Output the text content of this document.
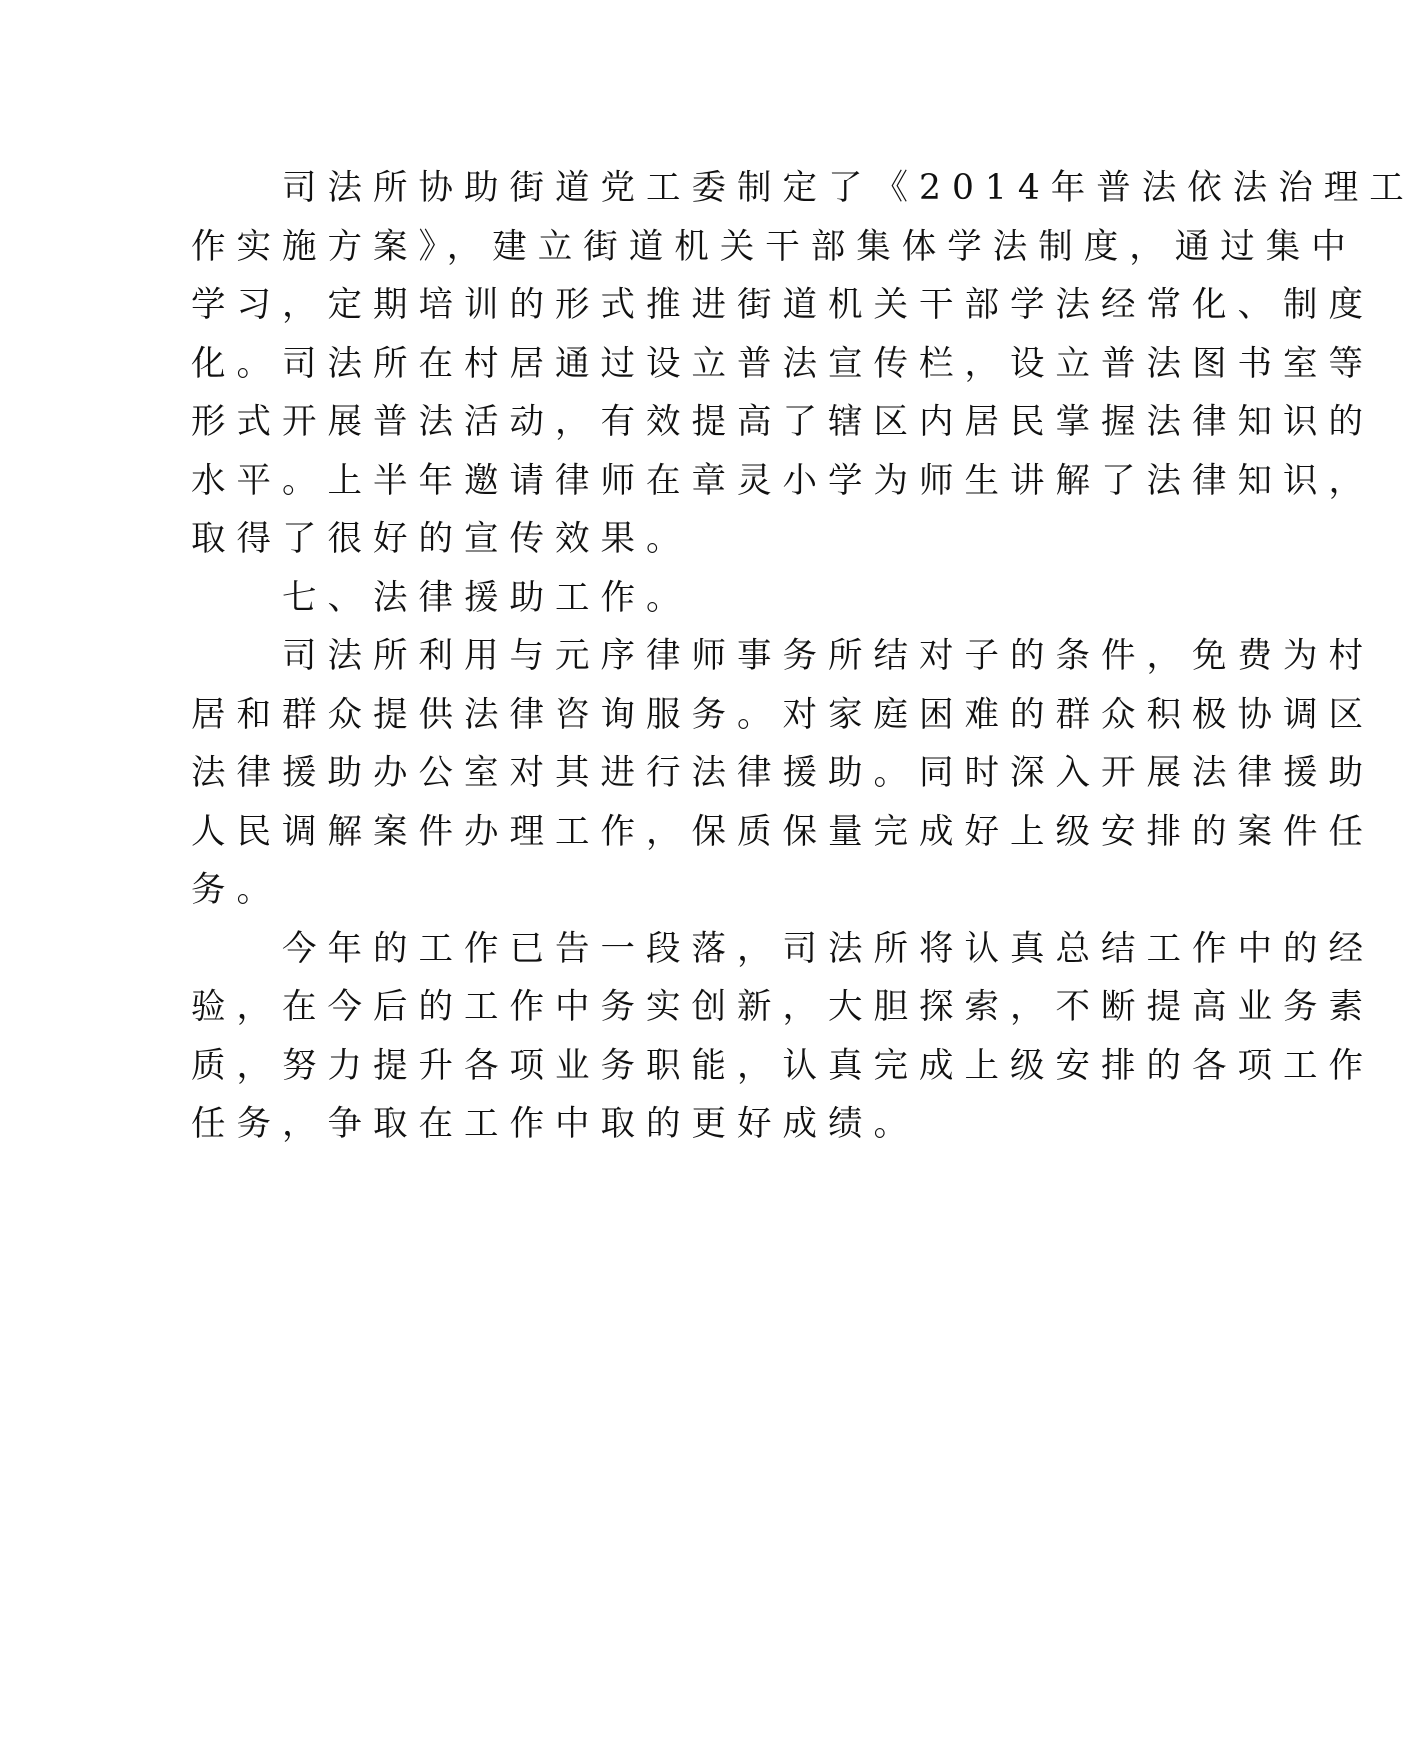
　　司法所协助街道党工委制定了《2014年普法依法治理工
作实施方案》，建立街道机关干部集体学法制度，通过集中
学习，定期培训的形式推进街道机关干部学法经常化、制度
化。司法所在村居通过设立普法宣传栏，设立普法图书室等
形式开展普法活动，有效提高了辖区内居民掌握法律知识的
水平。上半年邀请律师在章灵小学为师生讲解了法律知识，
取得了很好的宣传效果。
　　七、法律援助工作。
　　司法所利用与元序律师事务所结对子的条件，免费为村
居和群众提供法律咨询服务。对家庭困难的群众积极协调区
法律援助办公室对其进行法律援助。同时深入开展法律援助
人民调解案件办理工作，保质保量完成好上级安排的案件任
务。
　　今年的工作已告一段落，司法所将认真总结工作中的经
验，在今后的工作中务实创新，大胆探索，不断提高业务素
质，努力提升各项业务职能，认真完成上级安排的各项工作
任务，争取在工作中取的更好成绩。
